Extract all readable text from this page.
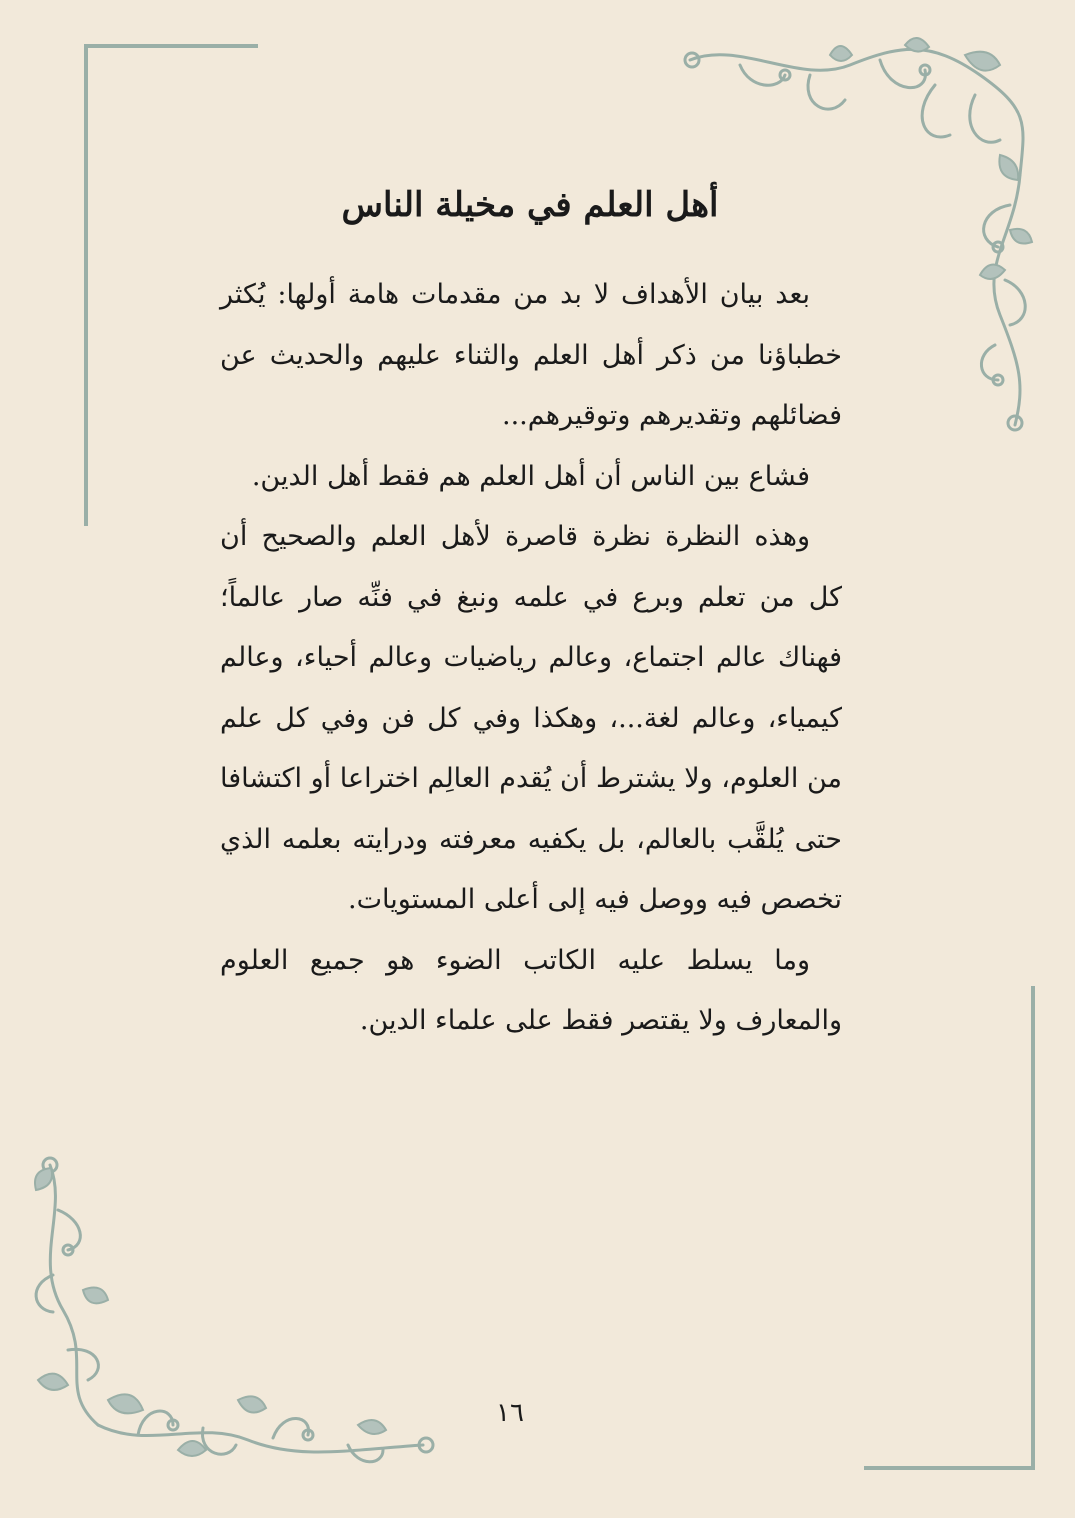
أهل العلم في مخيلة الناس

بعد بيان الأهداف لا بد من مقدمات هامة أولها: يُكثر خطباؤنا من ذكر أهل العلم والثناء عليهم والحديث عن فضائلهم وتقديرهم وتوقيرهم...

فشاع بين الناس أن أهل العلم هم فقط أهل الدين.

وهذه النظرة نظرة قاصرة لأهل العلم والصحيح أن كل من تعلم وبرع في علمه ونبغ في فنِّه صار عالماً؛ فهناك عالم اجتماع، وعالم رياضيات وعالم أحياء، وعالم كيمياء، وعالم لغة...، وهكذا وفي كل فن وفي كل علم من العلوم، ولا يشترط أن يُقدم العالِم اختراعا أو اكتشافا حتى يُلقَّب بالعالم، بل يكفيه معرفته ودرايته بعلمه الذي تخصص فيه ووصل فيه إلى أعلى المستويات.

وما يسلط عليه الكاتب الضوء هو جميع العلوم والمعارف ولا يقتصر فقط على علماء الدين.

١٦
